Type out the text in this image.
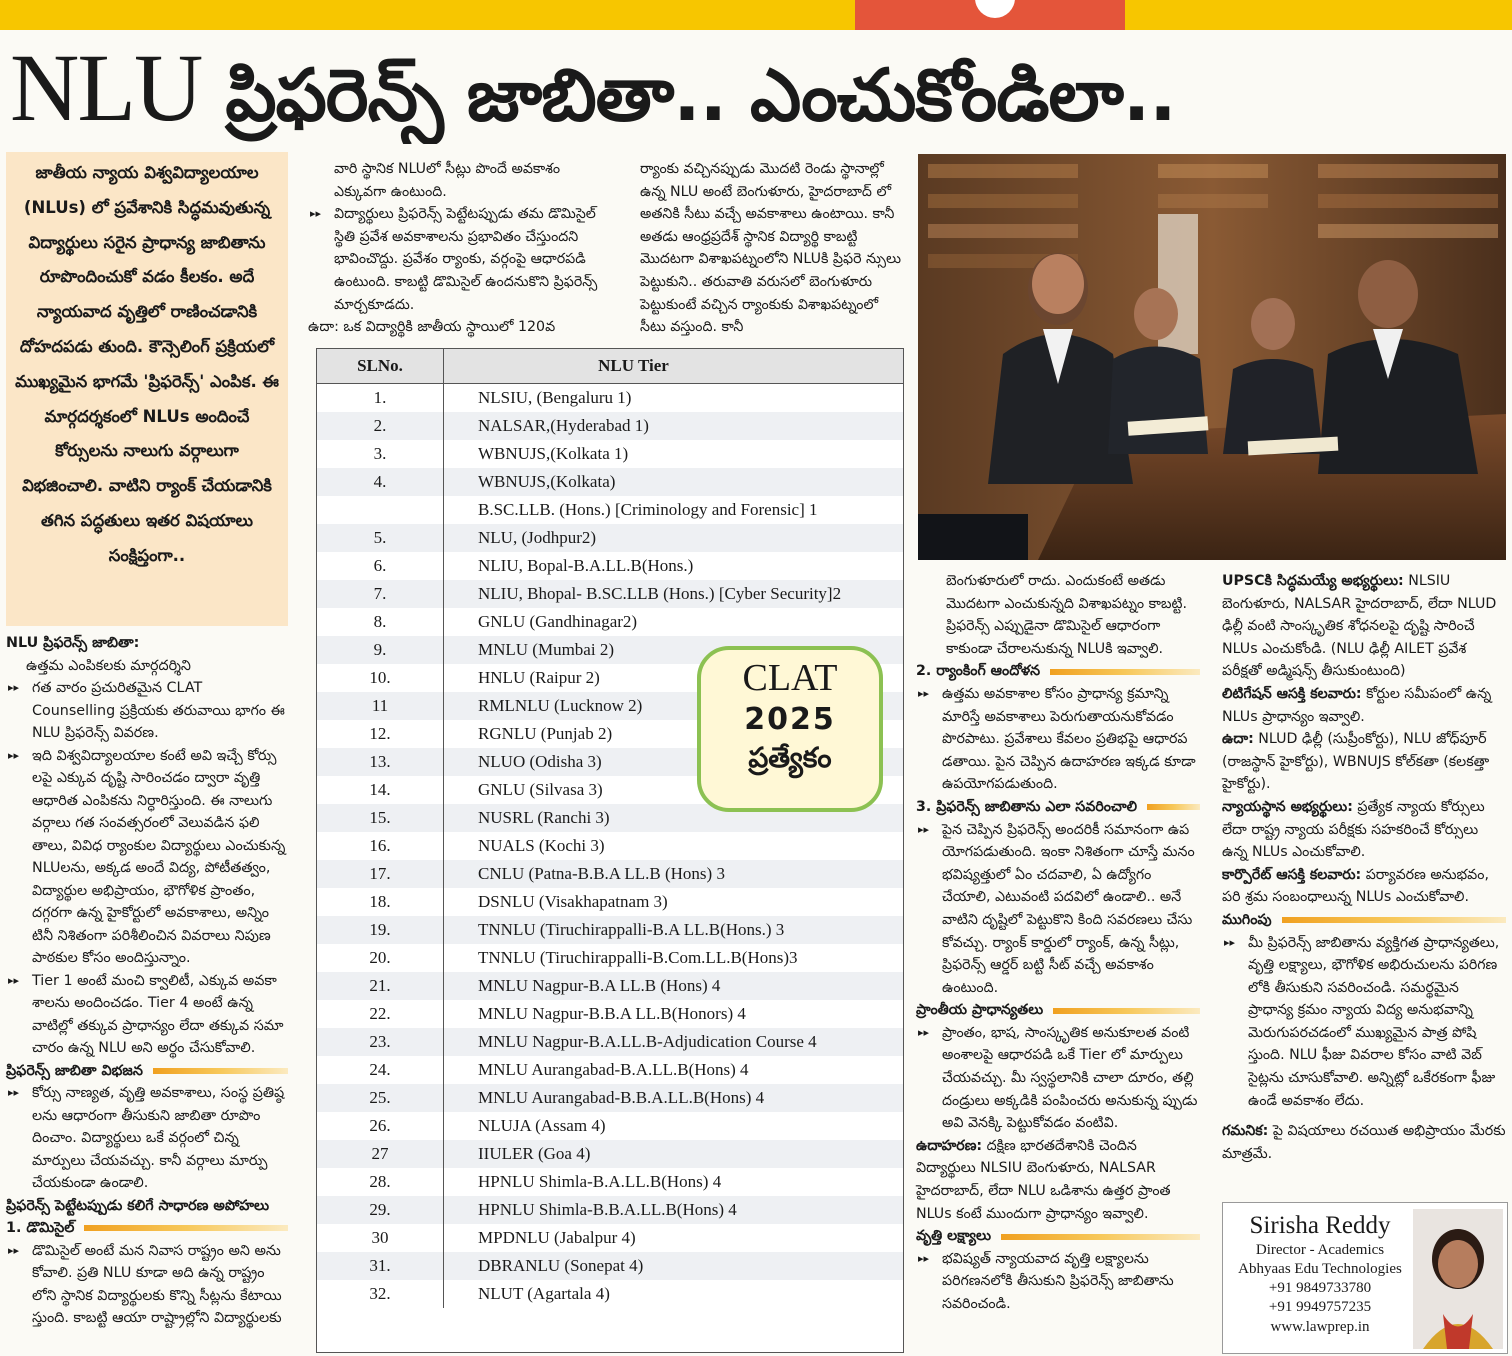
NLU ప్రిఫరెన్స్ జాబితా.. ఎంచుకోండిలా..
జాతీయ న్యాయ విశ్వవిద్యాలయాల (NLUs) లో ప్రవేశానికి సిద్ధమవుతున్న విద్యార్థులు సరైన ప్రాధాన్య జాబితాను రూపొందించుకో వడం కీలకం. అదే న్యాయవాద వృత్తిలో రాణించడానికి దోహదపడు తుంది. కౌన్సెలింగ్ ప్రక్రియలో ముఖ్యమైన భాగమే 'ప్రిఫరెన్స్' ఎంపిక. ఈ మార్గదర్శకంలో NLUs అందించే కోర్సులను నాలుగు వర్గాలుగా విభజించాలి. వాటిని ర్యాంక్ చేయడానికి తగిన పద్ధతులు ఇతర విషయాలు సంక్షిప్తంగా..

NLU ప్రిఫరెన్స్ జాబితా:

ఉత్తమ ఎంపికలకు మార్గదర్శిని

▸▸ గత వారం ప్రచురితమైన CLAT Counselling ప్రక్రియకు తరువాయి భాగం ఈ NLU ప్రిఫరెన్స్ వివరణ.

▸▸ ఇది విశ్వవిద్యాలయాల కంటే అవి ఇచ్చే కోర్సు లపై ఎక్కువ దృష్టి సారించడం ద్వారా వృత్తి ఆధారిత ఎంపికను నిర్ధారిస్తుంది. ఈ నాలుగు వర్గాలు గత సంవత్సరంలో వెలువడిన ఫలి తాలు, వివిధ ర్యాంకుల విద్యార్థులు ఎంచుకున్న NLUలను, అక్కడ అందే విద్య, పోటీతత్వం, విద్యార్థుల అభిప్రాయం, భౌగోళిక ప్రాంతం, దగ్గరగా ఉన్న హైకోర్టులో అవకాశాలు, అన్నిం టినీ నిశితంగా పరిశీలించిన వివరాలు నిపుణ పాఠకుల కోసం అందిస్తున్నాం.

▸▸ Tier 1 అంటే మంచి క్వాలిటీ, ఎక్కువ అవకా శాలను అందించడం. Tier 4 అంటే ఉన్న వాటిల్లో తక్కువ ప్రాధాన్యం లేదా తక్కువ సమా చారం ఉన్న NLU అని అర్థం చేసుకోవాలి.

ప్రిఫరెన్స్ జాబితా విభజన

▸▸ కోర్సు నాణ్యత, వృత్తి అవకాశాలు, సంస్థ ప్రతిష్ఠ లను ఆధారంగా తీసుకుని జాబితా రూపొం దించాం. విద్యార్థులు ఒకే వర్గంలో చిన్న మార్పులు చేయవచ్చు. కానీ వర్గాలు మార్పు చేయకుండా ఉండాలి.

ప్రిఫరెన్స్ పెట్టేటప్పుడు కలిగే సాధారణ అపోహలు

1. డొమిసైల్

▸▸ డొమిసైల్ అంటే మన నివాస రాష్ట్రం అని అను కోవాలి. ప్రతి NLU కూడా అది ఉన్న రాష్ట్రం లోని స్థానిక విద్యార్థులకు కొన్ని సీట్లను కేటాయి స్తుంది. కాబట్టి ఆయా రాష్ట్రాల్లోని విద్యార్థులకు

వారి స్థానిక NLUలో సీట్లు పొందే అవకాశం ఎక్కువగా ఉంటుంది.

▸▸ విద్యార్థులు ప్రిఫరెన్స్ పెట్టేటప్పుడు తమ డొమిసైల్ స్థితి ప్రవేశ అవకాశాలను ప్రభావితం చేస్తుందని భావించొద్దు. ప్రవేశం ర్యాంకు, వర్గంపై ఆధారపడి ఉంటుంది. కాబట్టి డొమిసైల్ ఉందనుకొని ప్రిఫరెన్స్ మార్చకూడదు.

ఉదా: ఒక విద్యార్థికి జాతీయ స్థాయిలో 120వ

ర్యాంకు వచ్చినప్పుడు మొదటి రెండు స్థానాల్లో ఉన్న NLU అంటే బెంగుళూరు, హైదరాబాద్ లో అతనికి సీటు వచ్చే అవకాశాలు ఉంటాయి. కానీ అతడు ఆంధ్రప్రదేశ్ స్థానిక విద్యార్థి కాబట్టి మొదటగా విశాఖపట్నంలోని NLUకి ప్రిఫరె న్సులు పెట్టుకుని.. తరువాతి వరుసలో బెంగుళూరు పెట్టుకుంటే వచ్చిన ర్యాంకుకు విశాఖపట్నంలో సీటు వస్తుంది. కానీ

SLNo.	NLU Tier
1.	NLSIU, (Bengaluru 1)
2.	NALSAR,(Hyderabad 1)
3.	WBNUJS,(Kolkata 1)
4.	WBNUJS,(Kolkata)
B.SC.LLB. (Hons.) [Criminology and Forensic] 1
5.	NLU, (Jodhpur2)
6.	NLIU, Bopal-B.A.LL.B(Hons.)
7.	NLIU, Bhopal- B.SC.LLB (Hons.) [Cyber Security]2
8.	GNLU (Gandhinagar2)
9.	MNLU (Mumbai 2)
10.	HNLU (Raipur 2)
11	RMLNLU (Lucknow 2)
12.	RGNLU (Punjab 2)
13.	NLUO (Odisha 3)
14.	GNLU (Silvasa 3)
15.	NUSRL (Ranchi 3)
16.	NUALS (Kochi 3)
17.	CNLU (Patna-B.B.A LL.B (Hons) 3
18.	DSNLU (Visakhapatnam 3)
19.	TNNLU (Tiruchirappalli-B.A LL.B(Hons.) 3
20.	TNNLU (Tiruchirappalli-B.Com.LL.B(Hons)3
21.	MNLU Nagpur-B.A LL.B (Hons) 4
22.	MNLU Nagpur-B.B.A LL.B(Honors) 4
23.	MNLU Nagpur-B.A.LL.B-Adjudication Course 4
24.	MNLU Aurangabad-B.A.LL.B(Hons) 4
25.	MNLU Aurangabad-B.B.A.LL.B(Hons) 4
26.	NLUJA (Assam 4)
27	IIULER (Goa 4)
28.	HPNLU Shimla-B.A.LL.B(Hons) 4
29.	HPNLU Shimla-B.B.A.LL.B(Hons) 4
30	MPDNLU (Jabalpur 4)
31.	DBRANLU (Sonepat 4)
32.	NLUT (Agartala 4)
CLAT
2025
ప్రత్యేకం

బెంగుళూరులో రాదు. ఎందుకంటే అతడు మొదటగా ఎంచుకున్నది విశాఖపట్నం కాబట్టి. ప్రిఫరెన్స్ ఎప్పుడైనా డొమిసైల్ ఆధారంగా కాకుండా చేరాలనుకున్న NLUకి ఇవ్వాలి.

2. ర్యాంకింగ్ ఆందోళన

▸▸ ఉత్తమ అవకాశాల కోసం ప్రాధాన్య క్రమాన్ని మారిస్తే అవకాశాలు పెరుగుతాయనుకోవడం పొరపాటు. ప్రవేశాలు కేవలం ప్రతిభపై ఆధారప డతాయి. పైన చెప్పిన ఉదాహరణ ఇక్కడ కూడా ఉపయోగపడుతుంది.

3. ప్రిఫరెన్స్ జాబితాను ఎలా సవరించాలి

▸▸ పైన చెప్పిన ప్రిఫరెన్స్ అందరికీ సమానంగా ఉప యోగపడుతుంది. ఇంకా నిశితంగా చూస్తే మనం భవిష్యత్తులో ఏం చదవాలి, ఏ ఉద్యోగం చేయాలి, ఎటువంటి పదవిలో ఉండాలి.. అనే వాటిని దృష్టిలో పెట్టుకొని కింది సవరణలు చేసు కోవచ్చు. ర్యాంక్ కార్డులో ర్యాంక్, ఉన్న సీట్లు, ప్రిఫరెన్స్ ఆర్డర్ బట్టి సీట్ వచ్చే అవకాశం ఉంటుంది.

ప్రాంతీయ ప్రాధాన్యతలు

▸▸ ప్రాంతం, భాష, సాంస్కృతిక అనుకూలత వంటి అంశాలపై ఆధారపడి ఒకే Tier లో మార్పులు చేయవచ్చు. మీ స్వస్థలానికి చాలా దూరం, తల్లి దండ్రులు అక్కడికి పంపించరు అనుకున్న ప్పుడు అవి వెనక్కి పెట్టుకోవడం వంటివి.

ఉదాహరణ: దక్షిణ భారతదేశానికి చెందిన విద్యార్థులు NLSIU బెంగుళూరు, NALSAR హైదరాబాద్, లేదా NLU ఒడిశాను ఉత్తర ప్రాంత NLUs కంటే ముందుగా ప్రాధాన్యం ఇవ్వాలి.

వృత్తి లక్ష్యాలు

▸▸ భవిష్యత్ న్యాయవాద వృత్తి లక్ష్యాలను పరిగణనలోకి తీసుకుని ప్రిఫరెన్స్ జాబితాను సవరించండి.

UPSCకి సిద్ధమయ్యే అభ్యర్థులు: NLSIU బెంగుళూరు, NALSAR హైదరాబాద్, లేదా NLUD ఢిల్లీ వంటి సాంస్కృతిక శోధనలపై దృష్టి సారించే NLUs ఎంచుకోండి. (NLU ఢిల్లీ AILET ప్రవేశ పరీక్షతో అడ్మిషన్స్ తీసుకుంటుంది)

లిటిగేషన్ ఆసక్తి కలవారు: కోర్టుల సమీపంలో ఉన్న NLUs ప్రాధాన్యం ఇవ్వాలి.

ఉదా: NLUD ఢిల్లీ (సుప్రీంకోర్టు), NLU జోధ్‌పూర్ (రాజస్థాన్ హైకోర్టు), WBNUJS కోల్‌కతా (కలకత్తా హైకోర్టు).

న్యాయస్థాన అభ్యర్థులు: ప్రత్యేక న్యాయ కోర్సులు లేదా రాష్ట్ర న్యాయ పరీక్షకు సహకరించే కోర్సులు ఉన్న NLUs ఎంచుకోవాలి.

కార్పొరేట్ ఆసక్తి కలవారు: పర్యావరణ అనుభవం, పరి శ్రమ సంబంధాలున్న NLUs ఎంచుకోవాలి.

ముగింపు

▸▸ మీ ప్రిఫరెన్స్ జాబితాను వ్యక్తిగత ప్రాధాన్యతలు, వృత్తి లక్ష్యాలు, భౌగోళిక అభిరుచులను పరిగణ లోకి తీసుకుని సవరించండి. సమర్థమైన ప్రాధాన్య క్రమం న్యాయ విద్య అనుభవాన్ని మెరుగుపరచడంలో ముఖ్యమైన పాత్ర పోషి స్తుంది. NLU ఫీజు వివరాల కోసం వాటి వెబ్ సైట్లను చూసుకోవాలి. అన్నిట్లో ఒకేరకంగా ఫీజు ఉండే అవకాశం లేదు.

గమనిక: పై విషయాలు రచయిత అభిప్రాయం మేరకు మాత్రమే.

Sirisha Reddy
Director - Academics
Abhyaas Edu Technologies
+91 9849733780
+91 9949757235
www.lawprep.in
